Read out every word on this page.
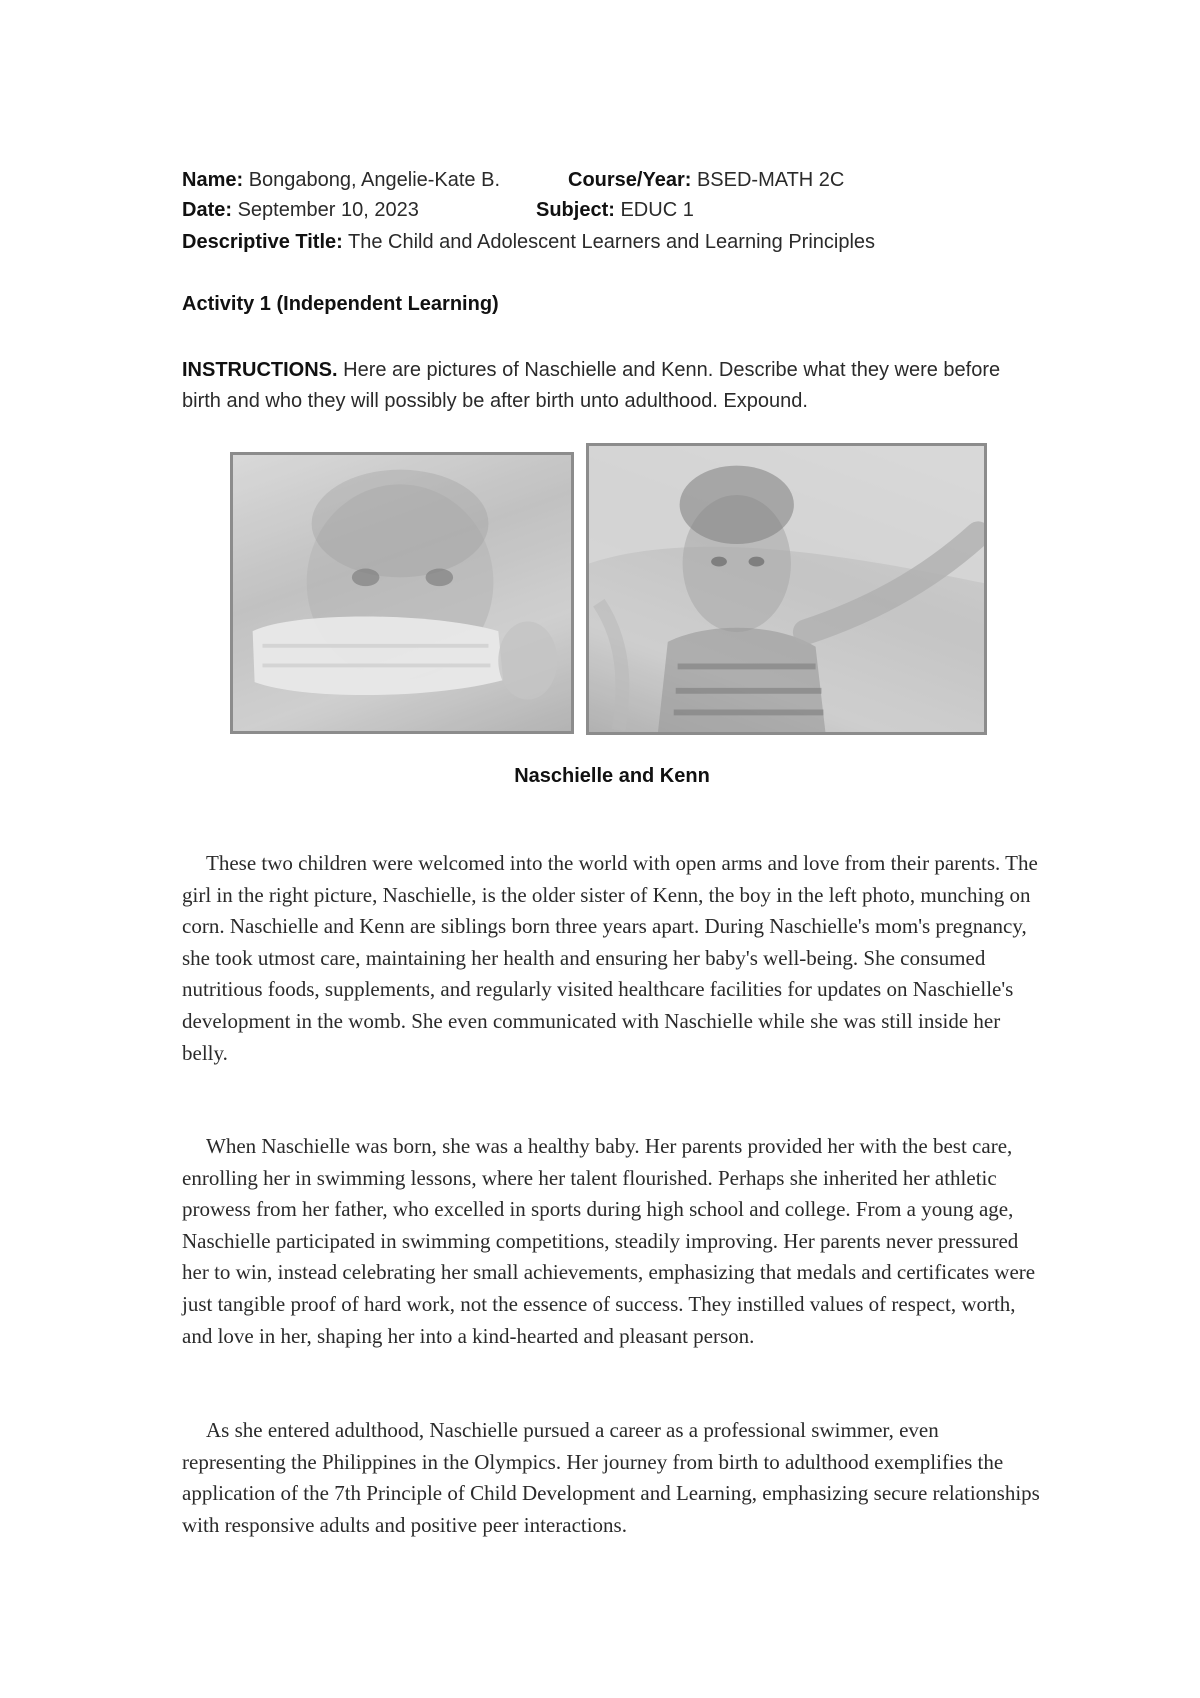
Name: Bongabong, Angelie-Kate B.	Course/Year: BSED-MATH 2C
Date: September 10, 2023	Subject: EDUC 1
Descriptive Title: The Child and Adolescent Learners and Learning Principles
Activity 1 (Independent Learning)
INSTRUCTIONS. Here are pictures of Naschielle and Kenn. Describe what they were before birth and who they will possibly be after birth unto adulthood. Expound.
Naschielle and Kenn

These two children were welcomed into the world with open arms and love from their parents. The girl in the right picture, Naschielle, is the older sister of Kenn, the boy in the left photo, munching on corn. Naschielle and Kenn are siblings born three years apart. During Naschielle's mom's pregnancy, she took utmost care, maintaining her health and ensuring her baby's well-being. She consumed nutritious foods, supplements, and regularly visited healthcare facilities for updates on Naschielle's development in the womb. She even communicated with Naschielle while she was still inside her belly.

When Naschielle was born, she was a healthy baby. Her parents provided her with the best care, enrolling her in swimming lessons, where her talent flourished. Perhaps she inherited her athletic prowess from her father, who excelled in sports during high school and college. From a young age, Naschielle participated in swimming competitions, steadily improving. Her parents never pressured her to win, instead celebrating her small achievements, emphasizing that medals and certificates were just tangible proof of hard work, not the essence of success. They instilled values of respect, worth, and love in her, shaping her into a kind-hearted and pleasant person.

As she entered adulthood, Naschielle pursued a career as a professional swimmer, even representing the Philippines in the Olympics. Her journey from birth to adulthood exemplifies the application of the 7th Principle of Child Development and Learning, emphasizing secure relationships with responsive adults and positive peer interactions.
